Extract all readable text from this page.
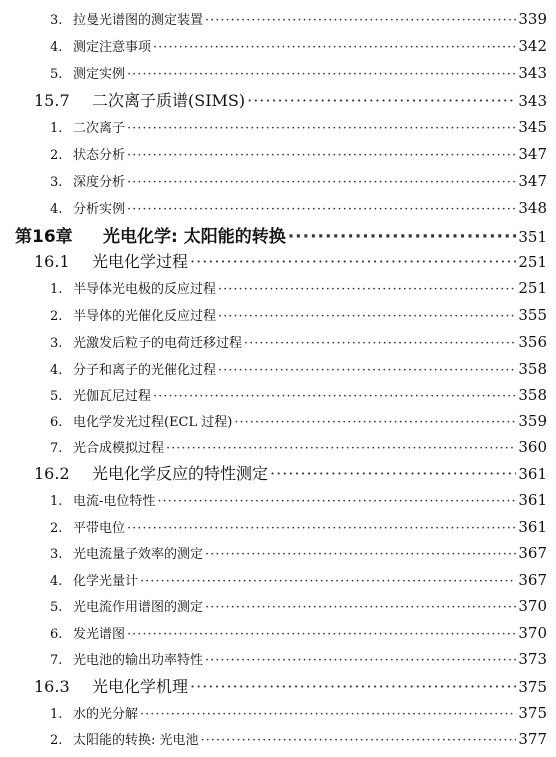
3. 拉曼光谱图的测定装置 ·····	339
4. 测定注意事项 ·····	342
5. 测定实例 ·····	343
15.7	二次离子质谱(SIMS) ·····	343
1. 二次离子 ·····	345
2. 状态分析 ·····	347
3. 深度分析 ·····	347
4. 分析实例 ·····	348
第16章	光电化学: 太阳能的转换 ·····	351
16.1	光电化学过程 ·····	251
1. 半导体光电极的反应过程 ·····	251
2. 半导体的光催化反应过程 ·····	355
3. 光激发后粒子的电荷迁移过程 ·····	356
4. 分子和离子的光催化过程 ·····	358
5. 光伽瓦尼过程 ·····	358
6. 电化学发光过程(ECL 过程) ·····	359
7. 光合成模拟过程 ·····	360
16.2	光电化学反应的特性测定 ·····	361
1. 电流-电位特性 ·····	361
2. 平带电位 ·····	361
3. 光电流量子效率的测定 ·····	367
4. 化学光量计 ·····	367
5. 光电流作用谱图的测定 ·····	370
6. 发光谱图 ·····	370
7. 光电池的输出功率特性 ·····	373
16.3	光电化学机理 ·····	375
1. 水的光分解 ·····	375
2. 太阳能的转换: 光电池 ·····	377
